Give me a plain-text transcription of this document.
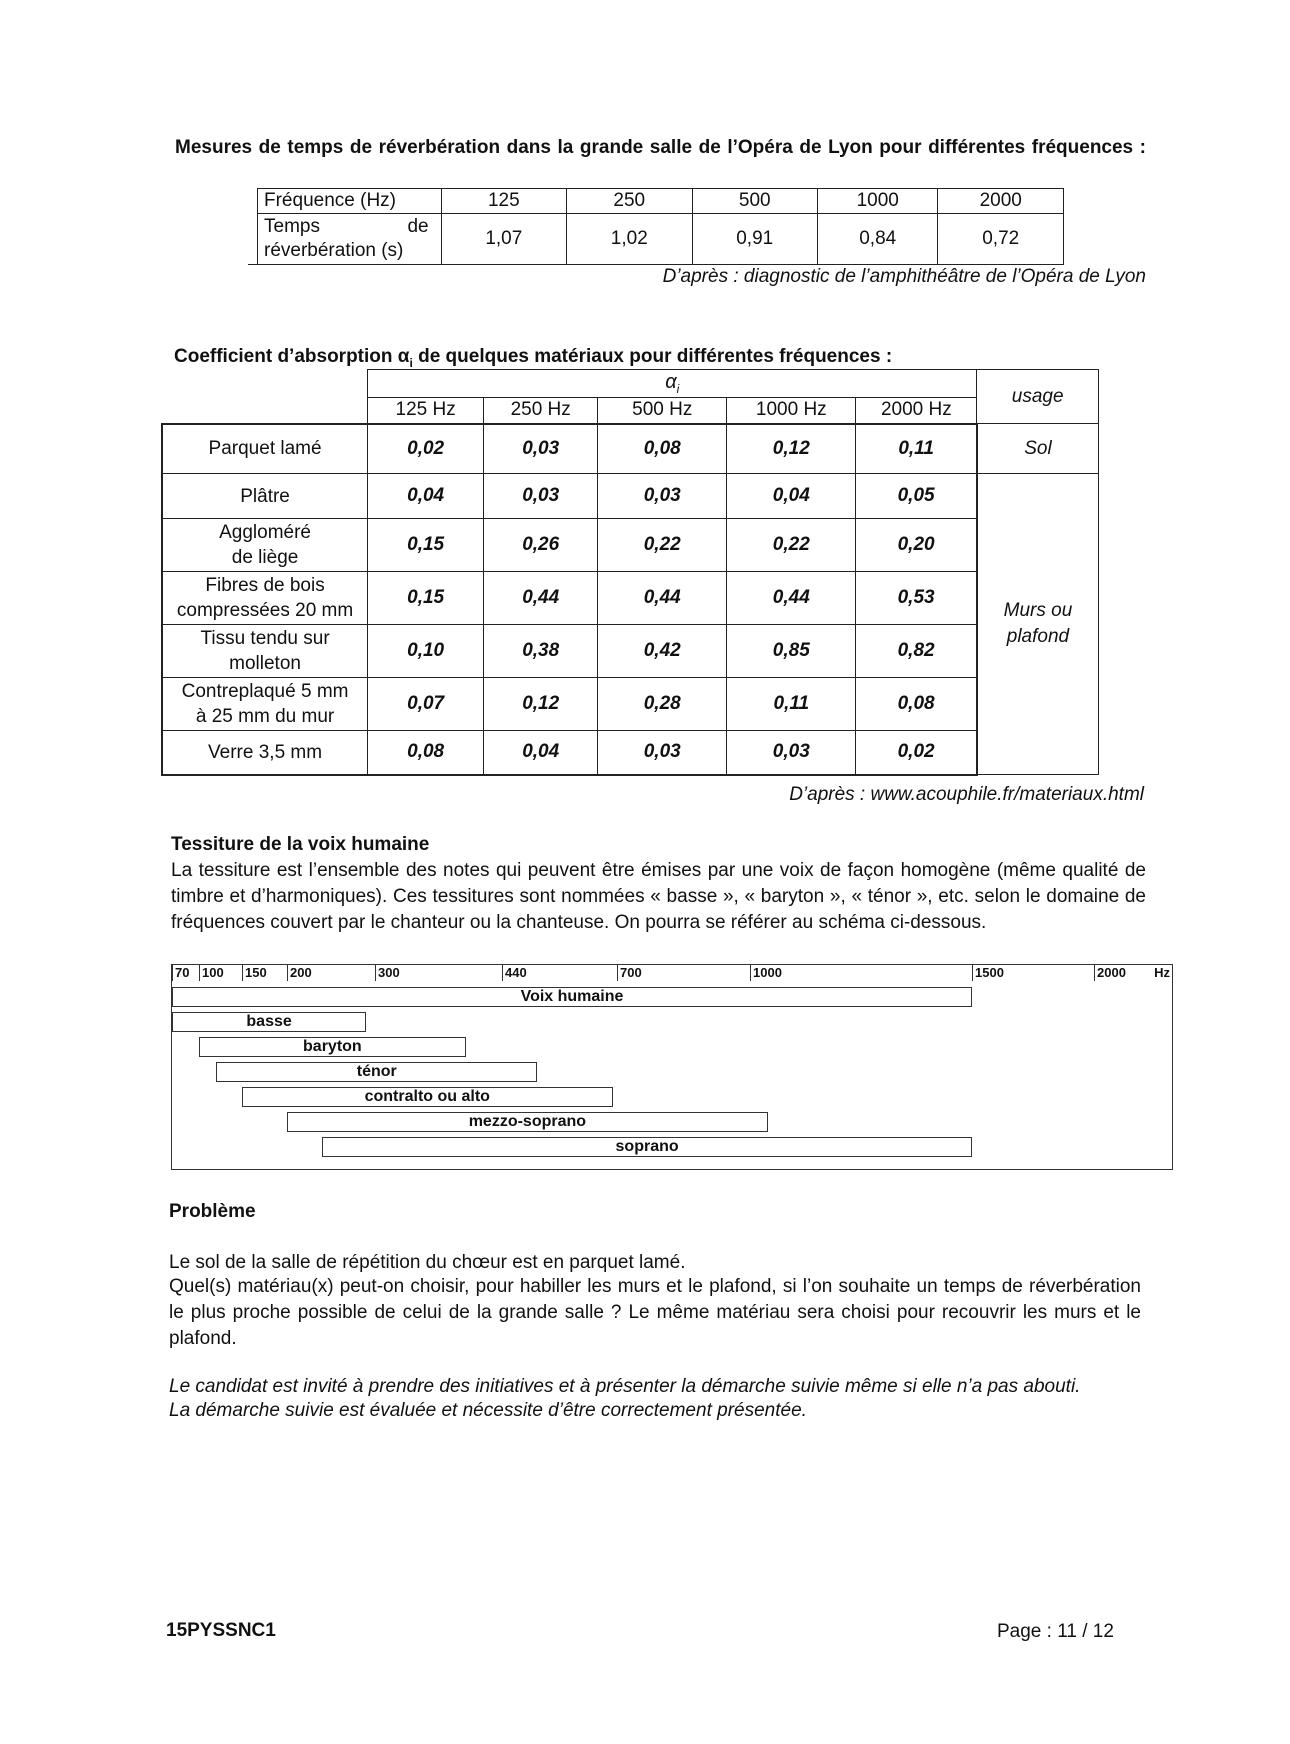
Mesures de temps de réverbération dans la grande salle de l’Opéra de Lyon pour différentes fréquences :
Fréquence (Hz)	125	250	500	1000	2000

Temps de
réverbération (s)	1,07	1,02	0,91	0,84	0,72
D’après : diagnostic de l’amphithéâtre de l’Opéra de Lyon
Coefficient d’absorption $\alpha_i$ de quelques matériaux pour différentes fréquences :
	$\alpha_i$					usage
	125 Hz	250 Hz	500 Hz	1000 Hz	2000 Hz	

Parquet lamé	0,02	0,03	0,08	0,12	0,11	Sol

Plâtre	0,04	0,03	0,03	0,04	0,05	Murs ou
plafond

Aggloméré
de liège	0,15	0,26	0,22	0,22	0,20	

Fibres de bois
compressées 20 mm	0,15	0,44	0,44	0,44	0,53	

Tissu tendu sur
molleton	0,10	0,38	0,42	0,85	0,82	

Contreplaqué 5 mm
à 25 mm du mur	0,07	0,12	0,28	0,11	0,08	

Verre 3,5 mm	0,08	0,04	0,03	0,03	0,02	
D’après : www.acouphile.fr/materiaux.html
Tessiture de la voix humaine
La tessiture est l’ensemble des notes qui peuvent être émises par une voix de façon homogène (même qualité de timbre et d’harmoniques). Ces tessitures sont nommées « basse », « baryton », « ténor », etc. selon le domaine de fréquences couvert par le chanteur ou la chanteuse. On pourra se référer au schéma ci-dessous.
70 100 150 200	300	440	700	1000	1500	2000 Hz
Voix humaine
basse
baryton
ténor
contralto ou alto
mezzo-soprano
soprano
Problème
Le sol de la salle de répétition du chœur est en parquet lamé.
Quel(s) matériau(x) peut-on choisir, pour habiller les murs et le plafond, si l’on souhaite un temps de réverbération le plus proche possible de celui de la grande salle ? Le même matériau sera choisi pour recouvrir les murs et le plafond.
Le candidat est invité à prendre des initiatives et à présenter la démarche suivie même si elle n’a pas abouti.
La démarche suivie est évaluée et nécessite d’être correctement présentée.
15PYSSNC1	Page : 11 / 12
